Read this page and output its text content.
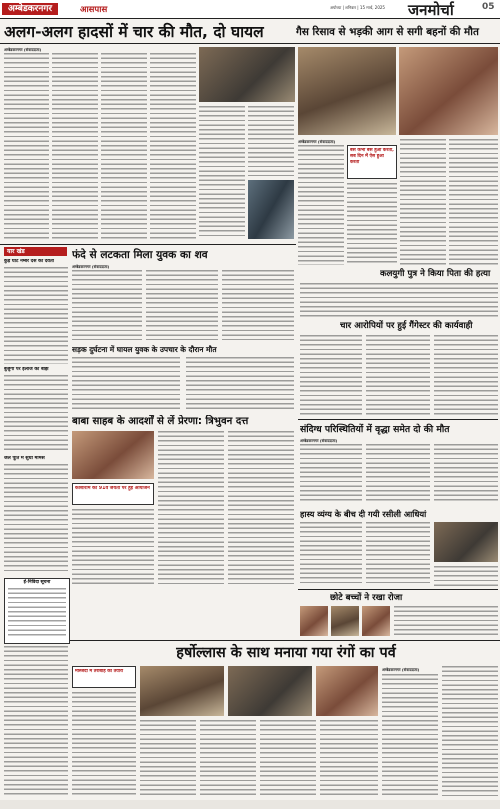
अम्बेडकरनगर	आसपास	अयोध्या | शनिवार | 15 मार्च, 2025 जनमोर्चा	05
अलग-अलग हादसों में चार की मौत, दो घायल	गैस रिसाव से भड़की आग से सगी बहनों की मौत
अम्बेडकरनगर (संवाददाता)
अम्बेडकरनगर (संवाददाता)
बस कभी बस हुआ करता, सब दिन में ऐस हुआ करता
कलयुगी पुत्र ने किया पिता की हत्या
चार आरोपियों पर हुई गैंगेस्टर की कार्यवाही
यार खंड
कुड़ घाट नम्बर दस का देवता
बुजुर्गों पर इलाज का बोझ
जल पूर्ति में सुधा मामस
ई-निविदा सूचना
फंदे से लटकता मिला युवक का शव
अम्बेडकरनगर (संवाददाता)
सड़क दुर्घटना में घायल युवक के उपचार के दौरान मौत
बाबा साहब के आदर्शों से लें प्रेरणा: त्रिभुवन दत्त
कांशीराम की 91वें जयंती पर हुई आयोजन
संदिग्ध परिस्थितियों में वृद्धा समेत दो की मौत
अम्बेडकरनगर (संवाददाता)
हास्य व्यंग्य के बीच दी गयी रसीली आधियां
छोटे बच्चों ने रखा रोजा
हर्षोल्लास के साथ मनाया गया रंगों का पर्व
मस्जिदों में तराबीह की तैयारी	अम्बेडकरनगर (संवाददाता)
